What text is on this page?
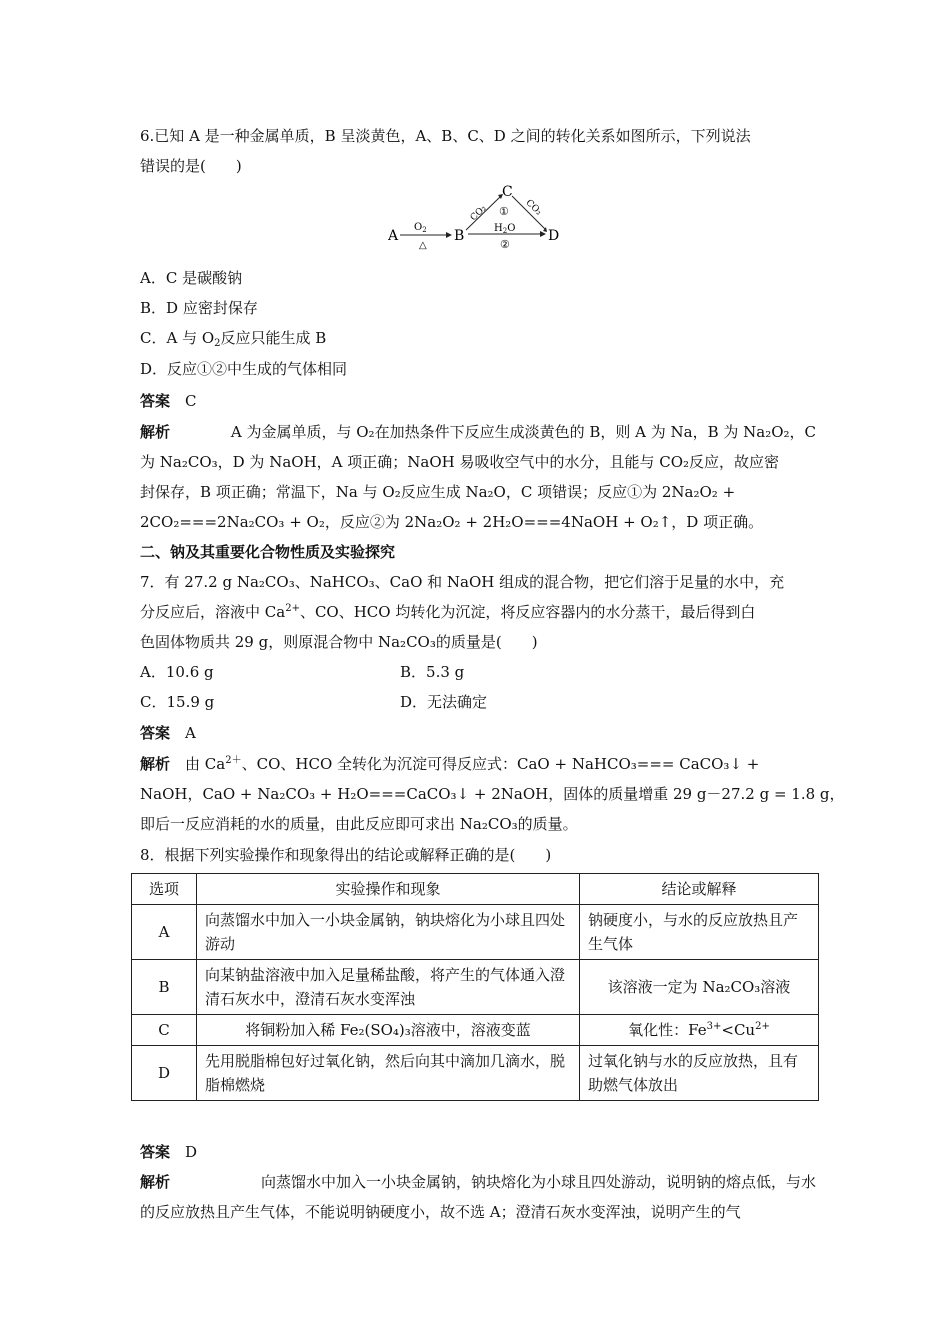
6.已知 A 是一种金属单质，B 呈淡黄色，A、B、C、D 之间的转化关系如图所示，下列说法
错误的是(　　)
A
$O_2$
△
B
C
D
CO₂	CO₂
①
$H_2O$
②
A．C 是碳酸钠
B．D 应密封保存
C．A 与 $O_2$反应只能生成 B
D．反应①②中生成的气体相同
答案　 C
解析	A 为金属单质，与 O₂在加热条件下反应生成淡黄色的 B，则 A 为 Na，B 为 Na₂O₂，C
为 Na₂CO₃，D 为 NaOH，A 项正确；NaOH 易吸收空气中的水分，且能与 CO₂反应，故应密
封保存，B 项正确；常温下，Na 与 O₂反应生成 Na₂O，C 项错误；反应①为 2Na₂O₂ +
2CO₂===2Na₂CO₃ + O₂，反应②为 2Na₂O₂ + 2H₂O===4NaOH + O₂↑，D 项正确。
二、钠及其重要化合物性质及实验探究
7．有 27.2 g Na₂CO₃、NaHCO₃、CaO 和 NaOH 组成的混合物，把它们溶于足量的水中，充
分反应后，溶液中 $Ca^{2+}$、CO、HCO 均转化为沉淀，将反应容器内的水分蒸干，最后得到白
色固体物质共 29 g，则原混合物中 Na₂CO₃的质量是(　　)
A．10.6 g	B．5.3 g
C．15.9 g	D．无法确定
答案　 A
解析　 由 $Ca^{2+}$、CO、HCO 全转化为沉淀可得反应式：CaO + NaHCO₃=== CaCO₃↓ +
NaOH，CaO + Na₂CO₃ + H₂O===CaCO₃↓ + 2NaOH，固体的质量增重 29 g－27.2 g = 1.8 g，
即后一反应消耗的水的质量，由此反应即可求出 Na₂CO₃的质量。
8．根据下列实验操作和现象得出的结论或解释正确的是(　　)
选项	实验操作和现象	结论或解释
A	向蒸馏水中加入一小块金属钠，钠块熔化为小球且四处游动	钠硬度小，与水的反应放热且产生气体
B	向某钠盐溶液中加入足量稀盐酸，将产生的气体通入澄清石灰水中，澄清石灰水变浑浊	该溶液一定为 Na₂CO₃溶液
C	将铜粉加入稀 Fe₂(SO₄)₃溶液中，溶液变蓝	氧化性：$Fe^{3+}<Cu^{2+}$
D	先用脱脂棉包好过氧化钠，然后向其中滴加几滴水，脱脂棉燃烧	过氧化钠与水的反应放热，且有助燃气体放出
答案　 D
解析	向蒸馏水中加入一小块金属钠，钠块熔化为小球且四处游动，说明钠的熔点低，与水
的反应放热且产生气体，不能说明钠硬度小，故不选 A；澄清石灰水变浑浊，说明产生的气
